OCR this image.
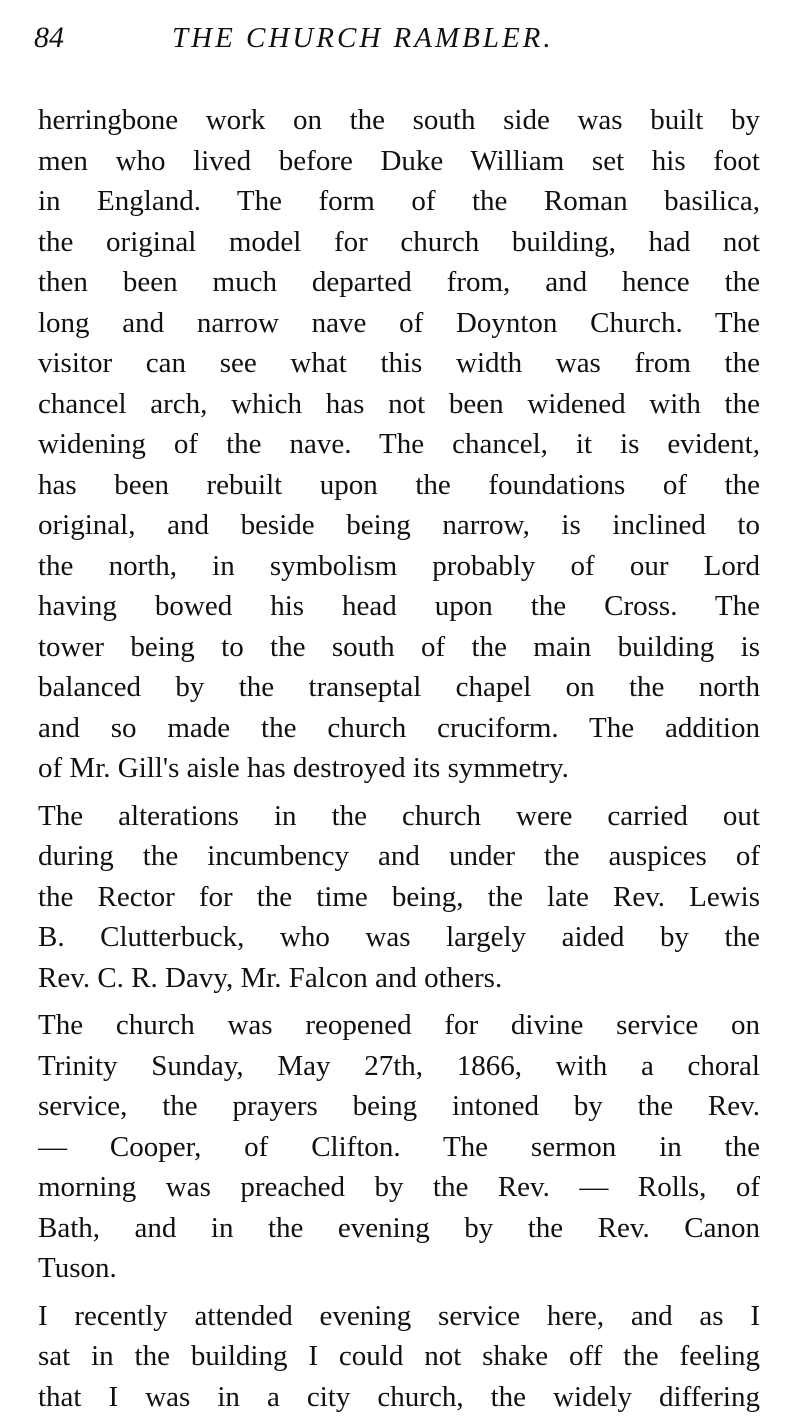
84	THE CHURCH RAMBLER.
herringbone work on the south side was built by
men who lived before Duke William set his foot
in England. The form of the Roman basilica,
the original model for church building, had not
then been much departed from, and hence the
long and narrow nave of Doynton Church. The
visitor can see what this width was from the
chancel arch, which has not been widened with the
widening of the nave. The chancel, it is evident,
has been rebuilt upon the foundations of the
original, and beside being narrow, is inclined to
the north, in symbolism probably of our Lord
having bowed his head upon the Cross. The
tower being to the south of the main building is
balanced by the transeptal chapel on the north
and so made the church cruciform. The addition
of Mr. Gill's aisle has destroyed its symmetry.
The alterations in the church were carried out
during the incumbency and under the auspices of
the Rector for the time being, the late Rev. Lewis
B. Clutterbuck, who was largely aided by the
Rev. C. R. Davy, Mr. Falcon and others.
The church was reopened for divine service on
Trinity Sunday, May 27th, 1866, with a choral
service, the prayers being intoned by the Rev.
— Cooper, of Clifton. The sermon in the
morning was preached by the Rev. — Rolls, of
Bath, and in the evening by the Rev. Canon
Tuson.
I recently attended evening service here, and as I
sat in the building I could not shake off the feeling
that I was in a city church, the widely differing
